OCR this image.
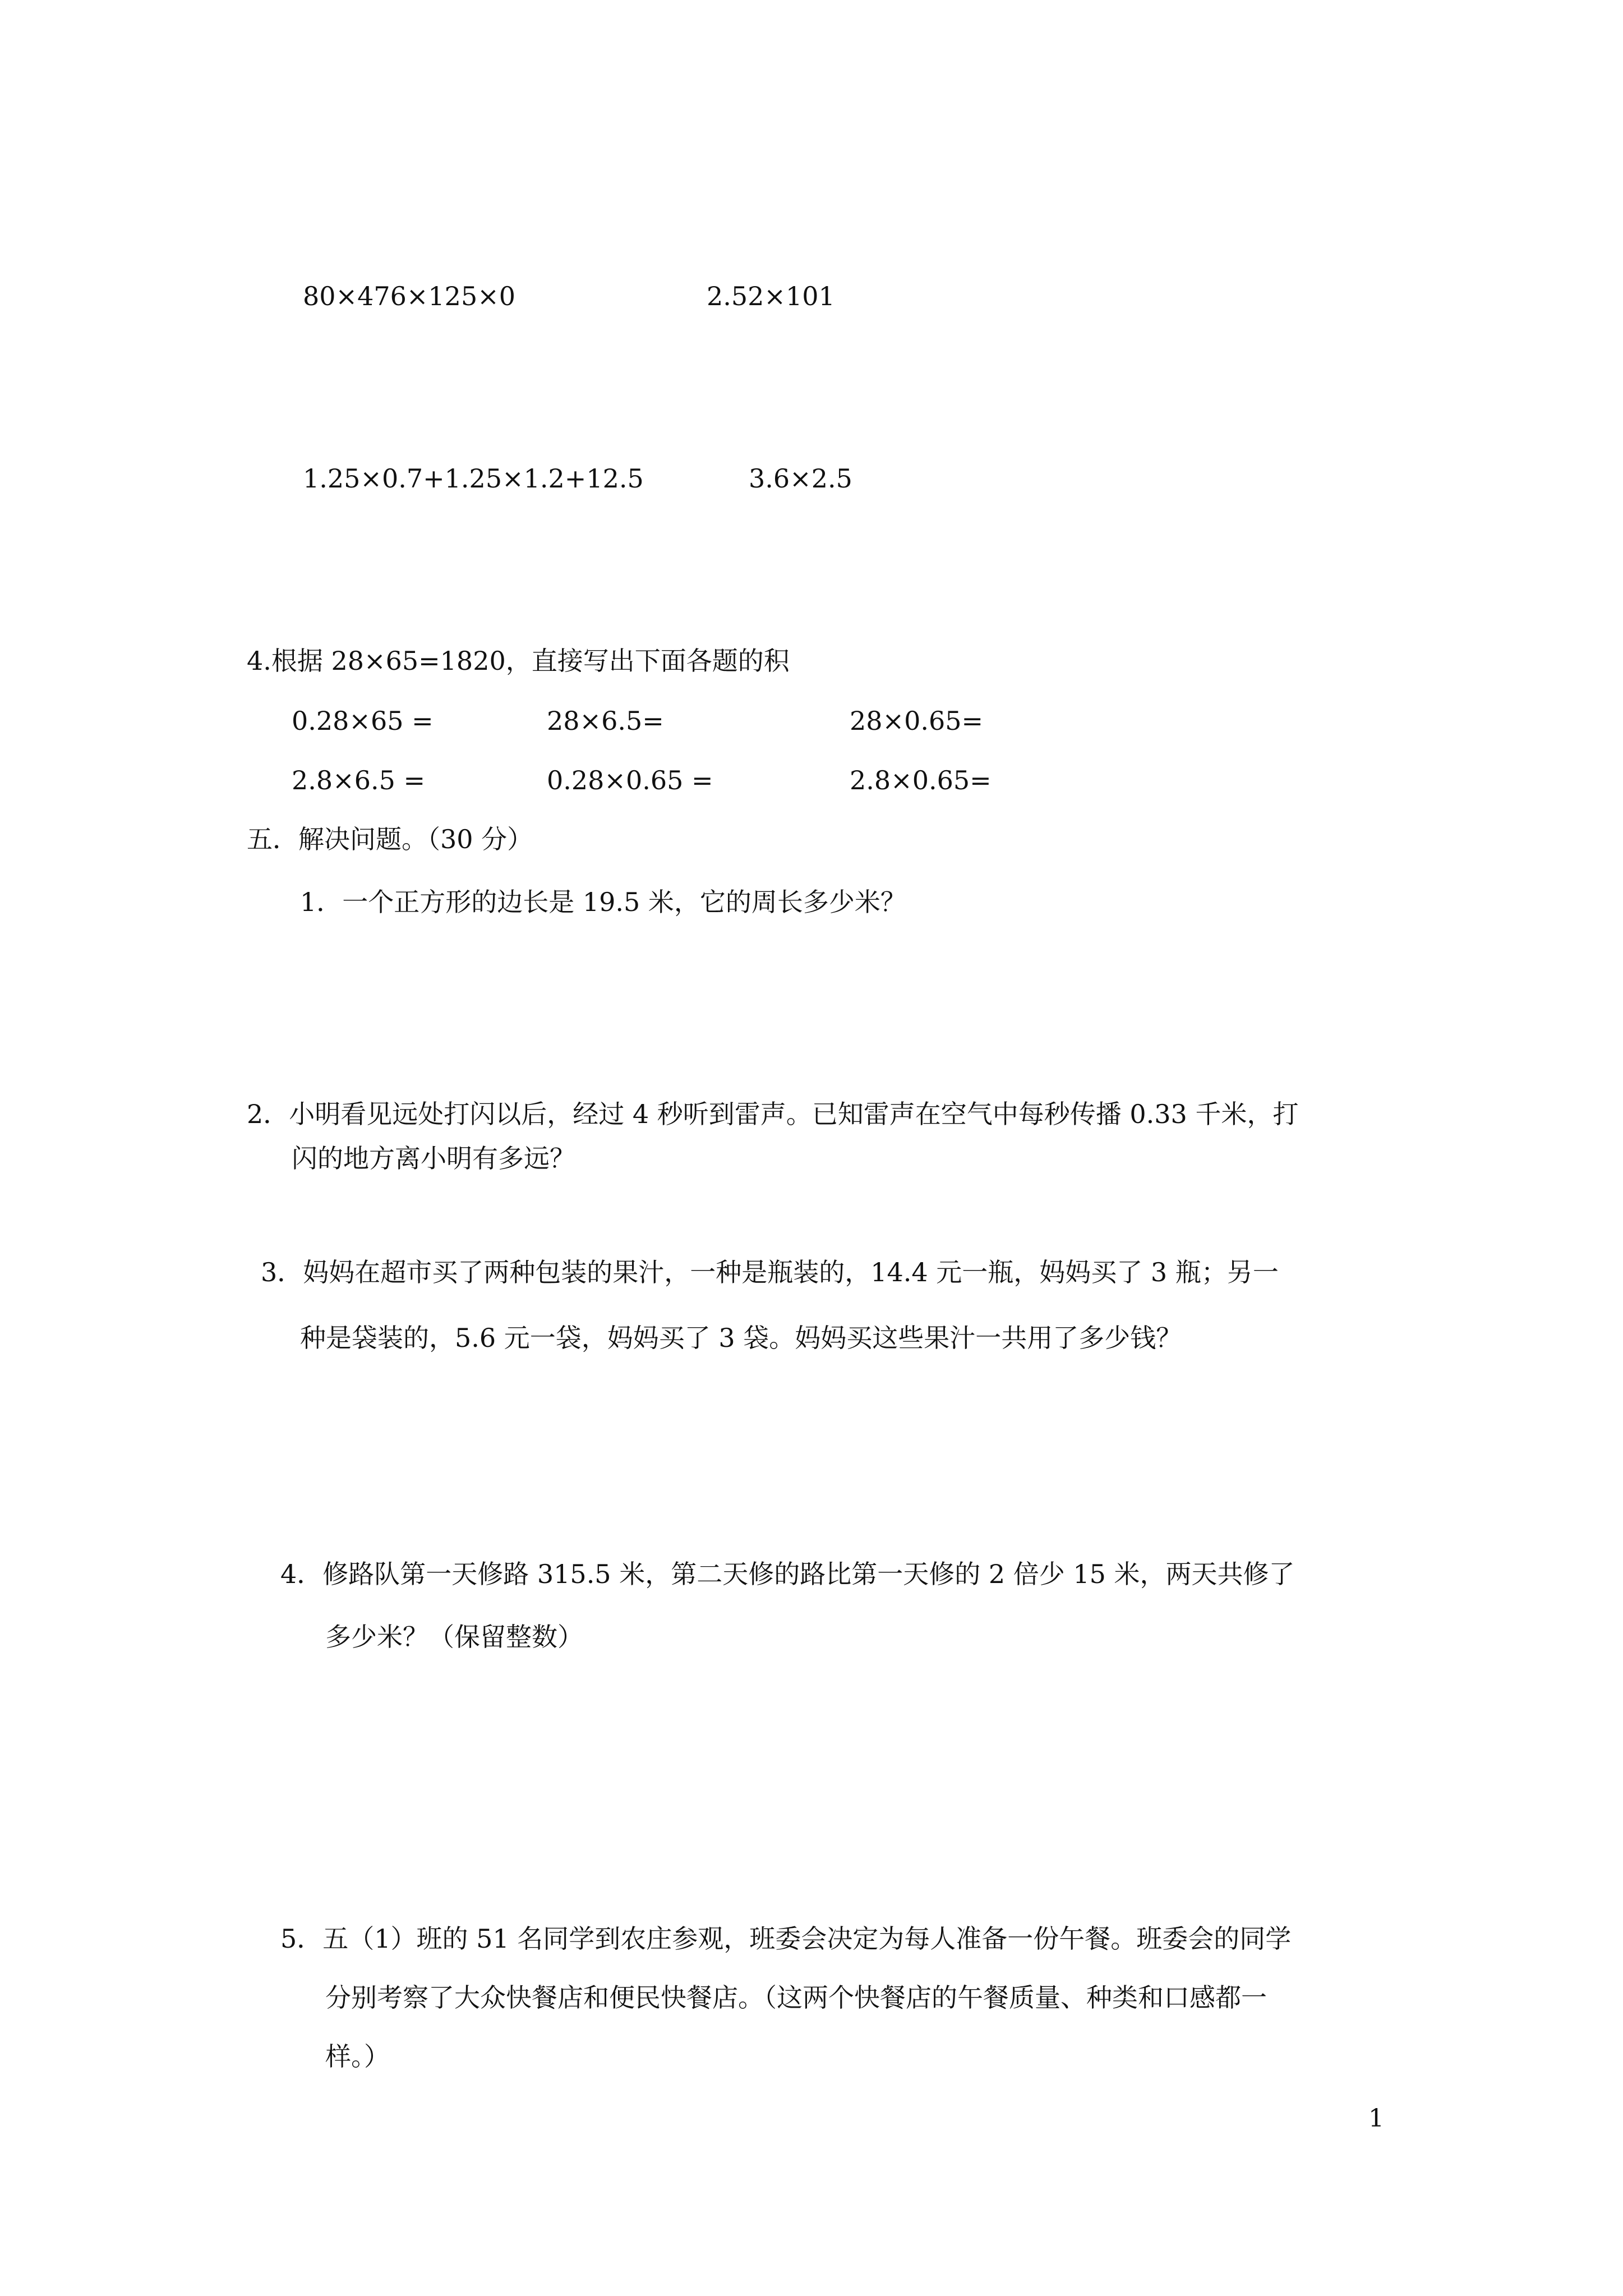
80×476×125×0	2.52×101

1.25×0.7+1.25×1.2+12.5	3.6×2.5

4.根据 28×65=1820，直接写出下面各题的积

0.28×65 =	28×6.5=	28×0.65=

2.8×6.5 =	0.28×0.65 =	2.8×0.65=

五．解决问题。（30 分）

1．一个正方形的边长是 19.5 米，它的周长多少米？

2．小明看见远处打闪以后，经过 4 秒听到雷声。已知雷声在空气中每秒传播 0.33 千米，打

闪的地方离小明有多远？

3．妈妈在超市买了两种包装的果汁，一种是瓶装的，14.4 元一瓶，妈妈买了 3 瓶；另一

种是袋装的，5.6 元一袋，妈妈买了 3 袋。妈妈买这些果汁一共用了多少钱？

4．修路队第一天修路 315.5 米，第二天修的路比第一天修的 2 倍少 15 米，两天共修了

多少米？（保留整数）

5．五（1）班的 51 名同学到农庄参观，班委会决定为每人准备一份午餐。班委会的同学

分别考察了大众快餐店和便民快餐店。（这两个快餐店的午餐质量、种类和口感都一

样。）

1
